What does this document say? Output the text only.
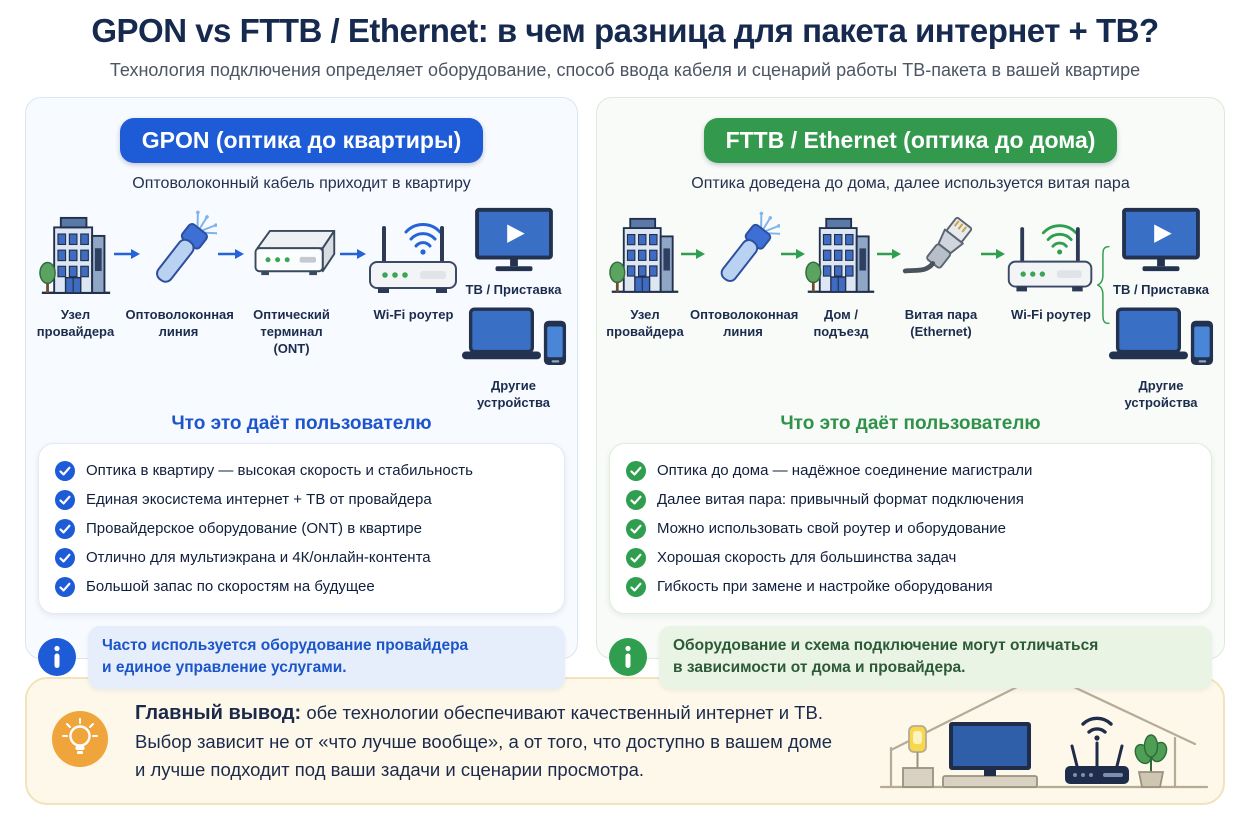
GPON vs FTTB / Ethernet: в чем разница для пакета интернет + ТВ?
Технология подключения определяет оборудование, способ ввода кабеля и сценарий работы ТВ-пакета в вашей квартире
GPON (оптика до квартиры)
Оптоволоконный кабель приходит в квартиру
Узел провайдера
Оптоволоконная линия
Оптический терминал (ONT)
Wi-Fi роутер
ТВ / Приставка
Другие устройства
Что это даёт пользователю
Оптика в квартиру — высокая скорость и стабильность
Единая экосистема интернет + ТВ от провайдера
Провайдерское оборудование (ONT) в квартире
Отлично для мультиэкрана и 4К/онлайн-контента
Большой запас по скоростям на будущее
Часто используется оборудование провайдера
и единое управление услугами.
FTTB / Ethernet (оптика до дома)
Оптика доведена до дома, далее используется витая пара
Узел провайдера
Оптоволоконная линия
Дом / подъезд
Витая пара (Ethernet)
Wi-Fi роутер
ТВ / Приставка
Другие устройства
Что это даёт пользователю
Оптика до дома — надёжное соединение магистрали
Далее витая пара: привычный формат подключения
Можно использовать свой роутер и оборудование
Хорошая скорость для большинства задач
Гибкость при замене и настройке оборудования
Оборудование и схема подключение могут отличаться
в зависимости от дома и провайдера.
Главный вывод: обе технологии обеспечивают качественный интернет и ТВ.
Выбор зависит не от «что лучше вообще», а от того, что доступно в вашем доме
и лучше подходит под ваши задачи и сценарии просмотра.
